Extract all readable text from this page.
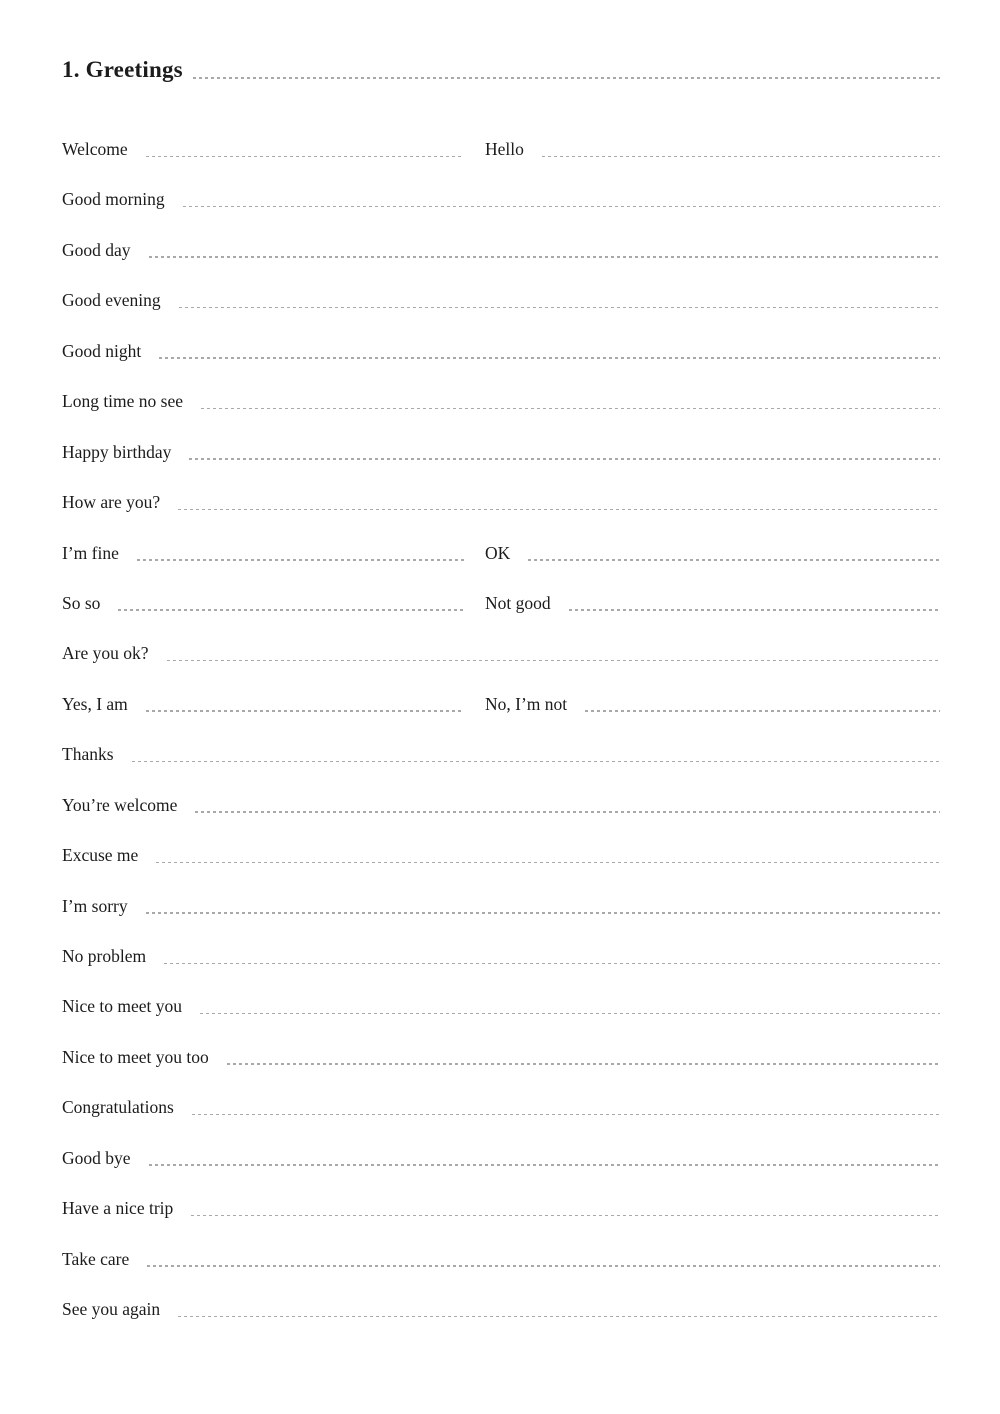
1. Greetings
Welcome	Hello
Good morning
Good day
Good evening
Good night
Long time no see
Happy birthday
How are you?
I’m fine	OK
So so	Not good
Are you ok?
Yes, I am	No, I’m not
Thanks
You’re welcome
Excuse me
I’m sorry
No problem
Nice to meet you
Nice to meet you too
Congratulations
Good bye
Have a nice trip
Take care
See you again
